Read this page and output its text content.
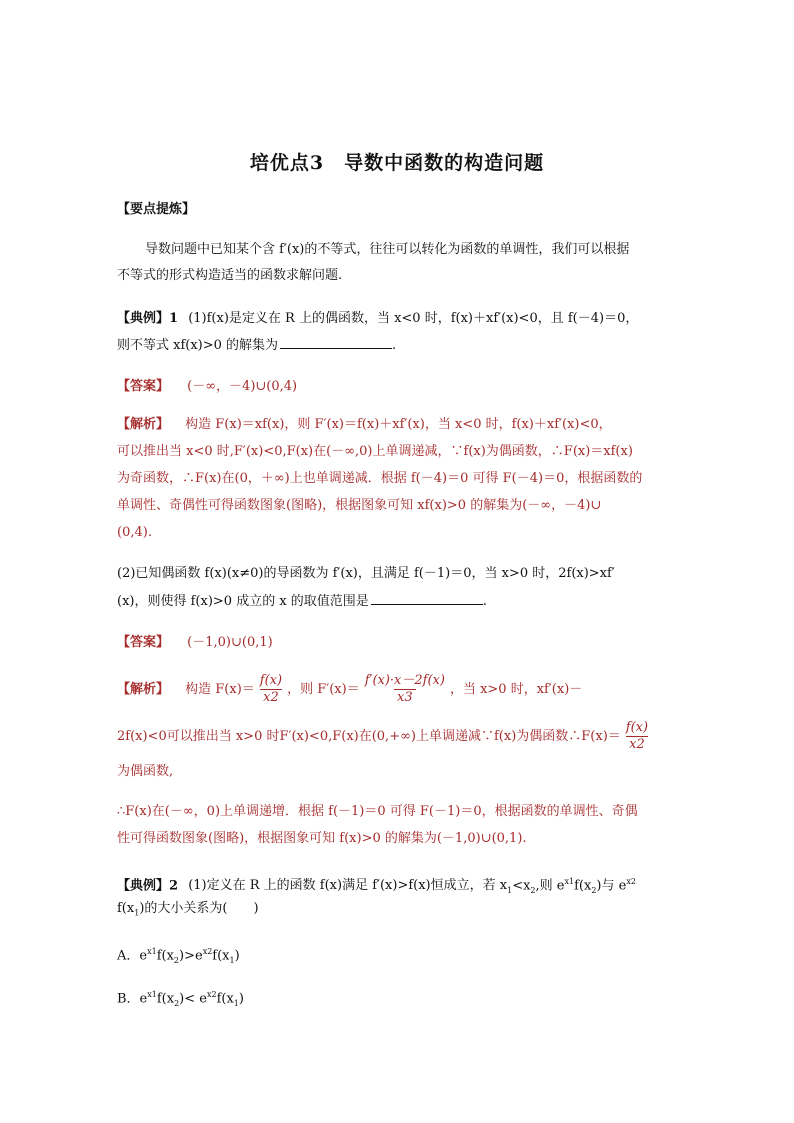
培优点3　导数中函数的构造问题
【要点提炼】
导数问题中已知某个含 f′(x)的不等式，往往可以转化为函数的单调性，我们可以根据
不等式的形式构造适当的函数求解问题.
【典例】1 (1)f(x)是定义在 R 上的偶函数，当 x<0 时，f(x)＋xf′(x)<0，且 f(－4)＝0，
则不等式 xf(x)>0 的解集为	.
【答案】 (－∞，－4)∪(0,4)
【解析】 构造 F(x)＝xf(x)，则 F′(x)＝f(x)＋xf′(x)，当 x<0 时，f(x)＋xf′(x)<0，
可以推出当 x<0 时,F′(x)<0,F(x)在(－∞,0)上单调递减，∵f(x)为偶函数，∴F(x)＝xf(x)
为奇函数，∴F(x)在(0，＋∞)上也单调递减．根据 f(－4)＝0 可得 F(－4)＝0，根据函数的
单调性、奇偶性可得函数图象(图略)，根据图象可知 xf(x)>0 的解集为(－∞，－4)∪
(0,4).
(2)已知偶函数 f(x)(x≠0)的导函数为 f′(x)，且满足 f(－1)＝0，当 x>0 时，2f(x)>xf′
(x)，则使得 f(x)>0 成立的 x 的取值范围是	.
【答案】 (－1,0)∪(0,1)
【解析】 构造 $F(x)= \frac{f(x)}{x2}$ ，则 $F'(x)= \frac{f'(x)\cdot x-2f(x)}{x3}$ ，当 x>0 时，xf′(x)－
2f(x)<0可以推出当 x>0 时F′(x)<0,F(x)在(0,+∞)上单调递减∵f(x)为偶函数∴F(x)＝ $\frac{f(x)}{x2}$
为偶函数,
∴F(x)在(－∞，0)上单调递增．根据 f(－1)＝0 可得 F(－1)＝0，根据函数的单调性、奇偶
性可得函数图象(图略)，根据图象可知 f(x)>0 的解集为(－1,0)∪(0,1).
【典例】2 (1)定义在 R 上的函数 f(x)满足 f′(x)>f(x)恒成立，若 $x_1<x_2$,则 $e^{x1}f(x_2)$与 $e^{x2}$
$f(x_1)$的大小关系为(　　)
A．$e^{x1}f(x_2)>e^{x2}f(x_1)$
B．$e^{x1}f(x_2)< e^{x2}f(x_1)$
